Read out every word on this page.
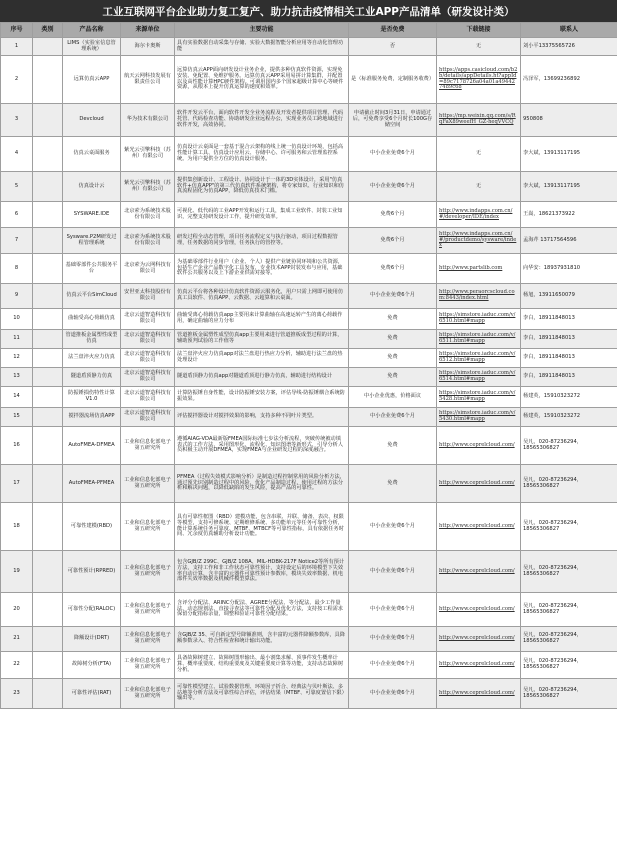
工业互联网平台企业助力复工复产、助力抗击疫情相关工业APP产品清单（研发设计类）
序号	类别	产品名称	来源单位	主要功能	是否免费	下载链接	联系人
1		LIMS（实验室信息管理系统）	海尔卡奥斯	具有实验数据自动采集与存储、实验大数据智能分析应用等自动化管理功能	否	无	刘小平13375565726
2		远算仿真云APP	航天云网科技发展有限责任公司	远算仿真云APP面向研发设计业务企业，提供多种仿真软件资源，实现免安装、免配置、免维护服务。远算仿真云APP采用易拼计算集群，并配置以及高性能计算HPC硬件架构。可调用国内多个国家超级计算中心等硬件资源，从根本上提升仿真运算的速度和效率。	是（标准服务免费，定制服务收费）	https://apps.casicloud.com/b2b/details/appDetails.ht?appId=89c7178726a04a01a494427489c68	冯泽军，13699236892
3		Devcloud	华为技术有限公司	软件开发云平台，面向软件开发全业务流程及开发者提供项目管理、代码托管、代码检查功能、协助研发企业远程办公，实现业务员工跨地域进行软件开发，高效协同。	申请截止时间3月31日，申请通过后，可免费享受6个月时长100G存储空间	https://mp.weixin.qq.com/s/RqFaX89weefH_GZ-heqVVCQ	950808
4		仿真云桌面服务	紫光云引擎科技（苏州）有限公司	仿真设计云桌面是一套基于混合云架构的线上统一仿真设计环境，包括高性能计算工具、仿真设计应用云、存储中心、许可服务和云管理监控系统。为用户提供全方位的仿真设计服务。	中小企业免费6个月	无	李大斌，13913117195
5		仿真设计云	紫光云引擎科技（苏州）有限公司	提供集创新设计、工程设计、协同设计于一体的3D实体设计，采用"仿真软件+仿真APP"的第三代仿真软件系统架构，将专家知识、行业知识和仿真流程固化为仿真APP，降低仿真技术门槛。	中小企业免费6个月	无	李大斌，13913117195
6		SYSWARE.IDE	北京索为系统技术股份有限公司	可视化、低代码的工业APP开发和运行工具，集成工业软件、封装工业知识，完整支持研发设计工作，提升研发效率。	免费6个月	http://www.indapps.com.cn/#/developer/IDE/index	王嵩，18621373922
7		Sysware.P2M研发过程管理系统	北京索为系统技术股份有限公司	研发过程全动态管理，项目任务流程定义与执行驱动，项目过程数据管理，任务数据的同步管理，任务执行的管控等。	免费6个月	http://www.indapps.com.cn/#/productdemo/sysware/index	孟海芹 13717564596
8		基础零部件公共服务平台	北京索为云网科技有限公司	为基础零部件行业用户（企业、个人）提供产业链协同环境和公共资源，包括生产企业产品数字化工具发布，专业技术APP封装发布与应用，基础软件公共服务以及上下游企业供需对接等。	免费6个月	http://www.partslib.com	向华安：18937931810
9		仿真云平台SimCloud	安世亚太科技股份有限公司	仿真云平台将各种设计仿真软件资源云服务化，用户只需上网即可使用仿真工具软件、仿真APP、云数据、云超算和云桌面。	中小企业免费6个月	http://www.peraorcscloud.com:8443/index.html	杨旭，13911650079
10		曲轴受高心荷载仿真	北京云道智造科技有限公司	曲轴受离心荷载仿真app主要用来计算曲轴在高速运转产生的离心荷载作用，确定曲轴的应力分布	免费	https://simstore.iaduc.com/v/6510.html#mapp	李白，18911848013
11		管道推板金属塑性成型仿真	北京云道智造科技有限公司	管道推板金属塑性成型仿真app主要用来进行管道推板成型过程的计算，辅助预判试验的工作值等	免费	https://simstore.iaduc.com/v/6511.html#mapp	李白，18911848013
12		法兰盘淬火应力仿真	北京云道智造科技有限公司	法兰盘淬火应力仿真app对法兰盘进行热应力分析，辅助进行法兰盘的热处理设计	免费	https://simstore.iaduc.com/v/6512.html#mapp	李白，18911848013
13		隧道盾顶静力仿真	北京云道智造科技有限公司	隧道盾顶静力仿真app对隧道盾顶进行静力仿真，辅助进行结构设计	免费	https://simstore.iaduc.com/v/6514.html#mapp	李白，18911848013
14		防振锤损伤特性计算V1.0	北京云道智造科技有限公司	计算防振锤自身性能，设计防振锤安装方案，评估导线-防振锤耦合系统防振效果。	中小企业优惠，价格面议	https://simstore.iaduc.com/v/5428.html#mapp	杨建英，15910323272
15		搅拌器流场仿真APP	北京云道智造科技有限公司	评估搅拌器设计对搅拌效果的影响，支持多种不同叶片类型。	中小企业免费6个月	https://simstore.iaduc.com/v/5430.html#mapp	杨建英，15910323272
16		AutoFMEA-DFMEA	工业和信息化部电子第五研究所	遵循AIAG-VDA最新版FMEA国际标准七步法分析流程，突破传统被动填表式的工作方法，采用图形化、流程化、知识图谱等新形式，引导分析人员积极主动开展DFMEA，实现FMEA与企业研发过程的深度融合。	免费	http://www.ceprelcloud.com/	吴凡，020-87236294，18565306827
17		AutoFMEA-PFMEA	工业和信息化部电子第五研究所	PFMEA（过程失效模式影响分析）是制造过程控制常用的风险分析方法，通过预先识别制造过程中的风险，优化产品制造过程，使用过程的方法分析和解决问题，以降低缺陷的发生风险，提高产品的可靠性。	免费	http://www.ceprelcloud.com/	吴凡，020-87236294，18565306827
18		可靠性建模(RBD)	工业和信息化部电子第五研究所	具有可靠性框图（RBD）建模功能，包含串联、并联、储备、表决、权限等模型，支持可修系统、定期维修系统、多功能单元等任务可靠性分析，能计算系统任务可靠度、MTBF、MTBCF等可靠性指标，具有依据任务时间、冗余度仿真辅助分析设计功能。	中小企业免费6个月	http://www.ceprelcloud.com/	吴凡，020-87236294，18565306827
19		可靠性预计(RPRED)	工业和信息化部电子第五研究所	包含GJB/Z 299C、GJB/Z 108A、MIL-HDBK-217F Notice2等所有预计方法，支持工作和非工作状态可靠性预计，支持设定后的环境模型下失效率自动计算，含丰富的元器件可靠性预计参数库，模块失效率数据、机电部件失效率数据及机械件模型算法。	中小企业免费6个月	http://www.ceprelcloud.com/	吴凡，020-87236294，18565306827
20		可靠性分配(RALOC)	工业和信息化部电子第五研究所	含评分分配法、ARINC分配法、AGREE分配法、等分配法、最少工作量法、动态规划法、直接寻查法等可靠性分配及优化方法，支持按工程需求保留分配指标余量，调整和验证可靠性分配结果。	中小企业免费6个月	http://www.ceprelcloud.com/	吴凡，020-87236294，18565306827
21		降额设计(DRT)	工业和信息化部电子第五研究所	含GJB/Z 35、可自新定型号降额准则，含丰富的元器件降额参数库，具降额参数录入、符合性检查和统计输出功能。	中小企业免费6个月	http://www.ceprelcloud.com/	吴凡，020-87236294，18565306827
22		故障树分析(FTA)	工业和信息化部电子第五研究所	具备故障树建立、故障树图形输出、最小割集求解、顶事件发生概率计算、概率重要度、结构重要度及关键重要度计算等功能，支持动态故障树分析。	中小企业免费6个月	http://www.ceprelcloud.com/	吴凡，020-87236294，18565306827
23		可靠性评估(RAT)	工业和信息化部电子第五研究所	可靠性模型建立、试验数据管理、环境因子折合、经典法与贝叶斯法、多站地等分析方法及可靠性综合评估，评估结果（MTBF、可靠度置信下限）输出等。	中小企业免费6个月	http://www.ceprelcloud.com/	吴凡，020-87236294，18565306827
